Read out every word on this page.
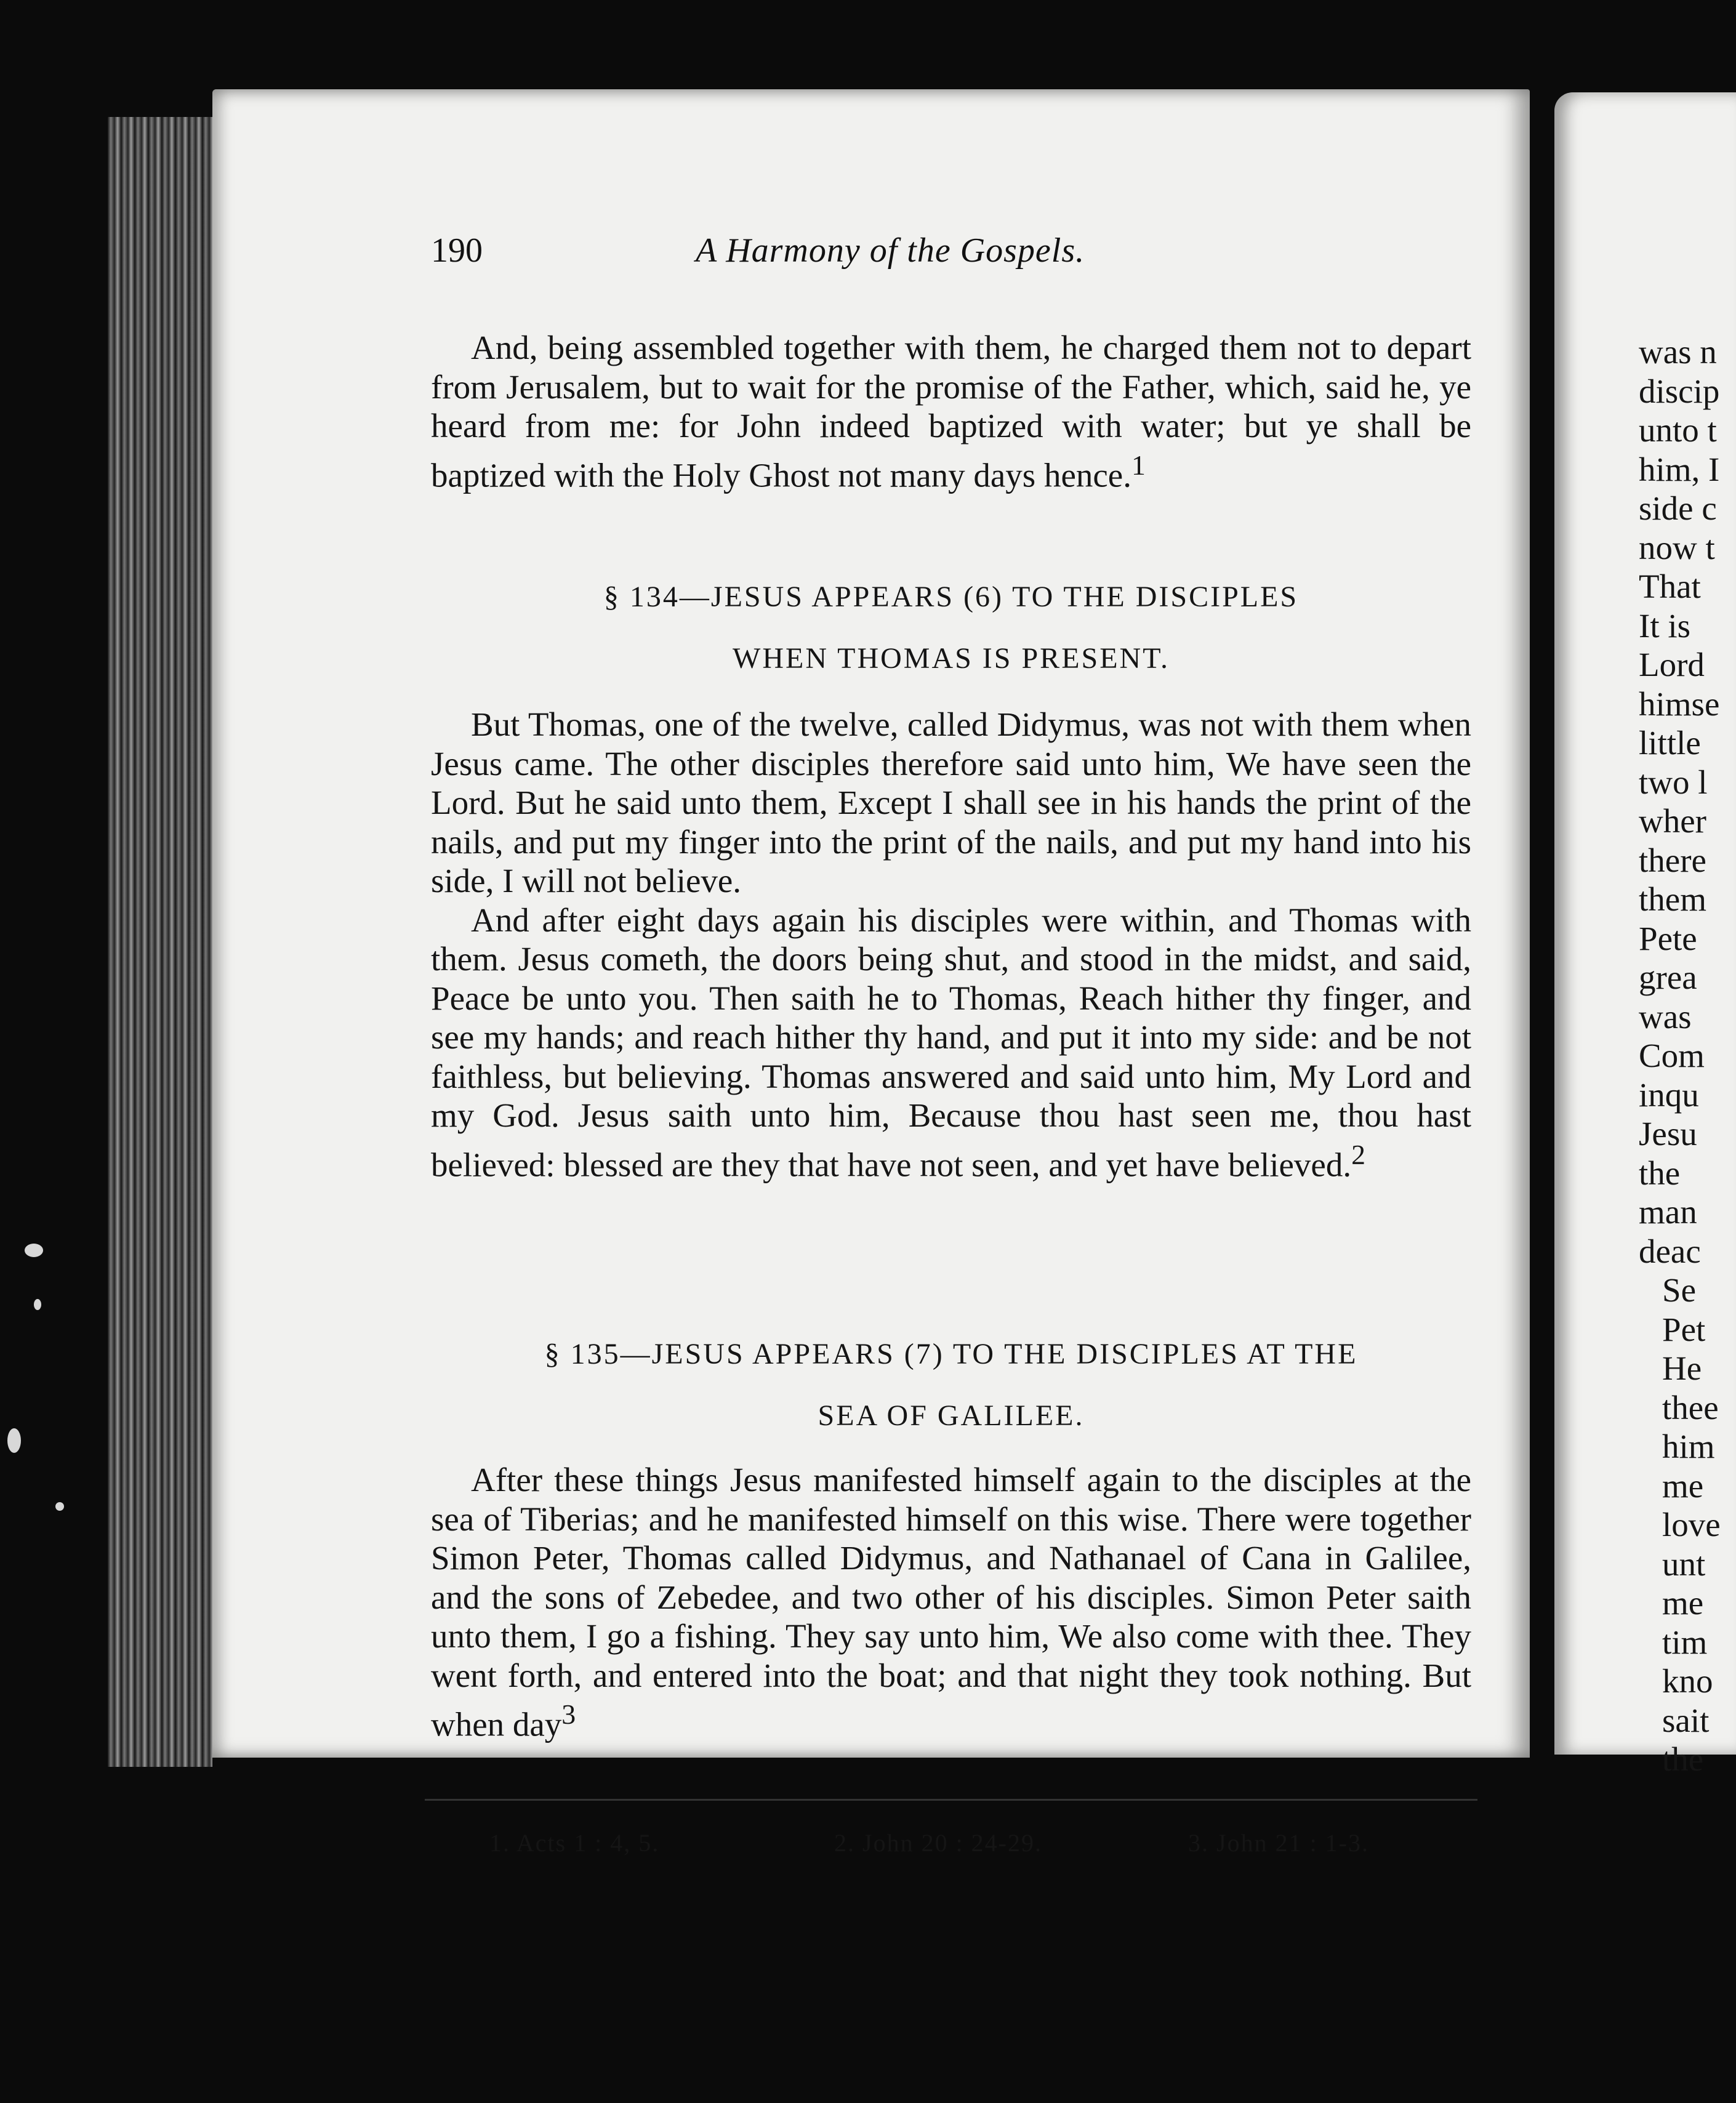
190	A Harmony of the Gospels.

And, being assembled together with them, he charged them not to depart from Jerusalem, but to wait for the promise of the Father, which, said he, ye heard from me: for John indeed baptized with water; but ye shall be baptized with the Holy Ghost not many days hence.$^1$

§ 134—JESUS APPEARS (6) TO THE DISCIPLES
WHEN THOMAS IS PRESENT.

But Thomas, one of the twelve, called Didymus, was not with them when Jesus came. The other disciples therefore said unto him, We have seen the Lord. But he said unto them, Except I shall see in his hands the print of the nails, and put my finger into the print of the nails, and put my hand into his side, I will not believe.

And after eight days again his disciples were within, and Thomas with them. Jesus cometh, the doors being shut, and stood in the midst, and said, Peace be unto you. Then saith he to Thomas, Reach hither thy finger, and see my hands; and reach hither thy hand, and put it into my side: and be not faithless, but believing. Thomas answered and said unto him, My Lord and my God. Jesus saith unto him, Because thou hast seen me, thou hast believed: blessed are they that have not seen, and yet have believed.$^2$

§ 135—JESUS APPEARS (7) TO THE DISCIPLES AT THE
SEA OF GALILEE.

After these things Jesus manifested himself again to the disciples at the sea of Tiberias; and he manifested himself on this wise. There were together Simon Peter, Thomas called Didymus, and Nathanael of Cana in Galilee, and the sons of Zebedee, and two other of his disciples. Simon Peter saith unto them, I go a fishing. They say unto him, We also come with thee. They went forth, and entered into the boat; and that night they took nothing. But when day$^3$

1. Acts 1 : 4, 5.	2. John 20 : 24-29.	3. John 21 : 1-3.
was n
discip
unto t
him, I
side c
now t
That
It is
Lord
himse
little
two l
wher
there
them
Pete
grea
was
Com
inqu
Jesu
the
man
deac
Se
Pet
He
thee
him
me
love
unt
me
tim
kno
sait
the
